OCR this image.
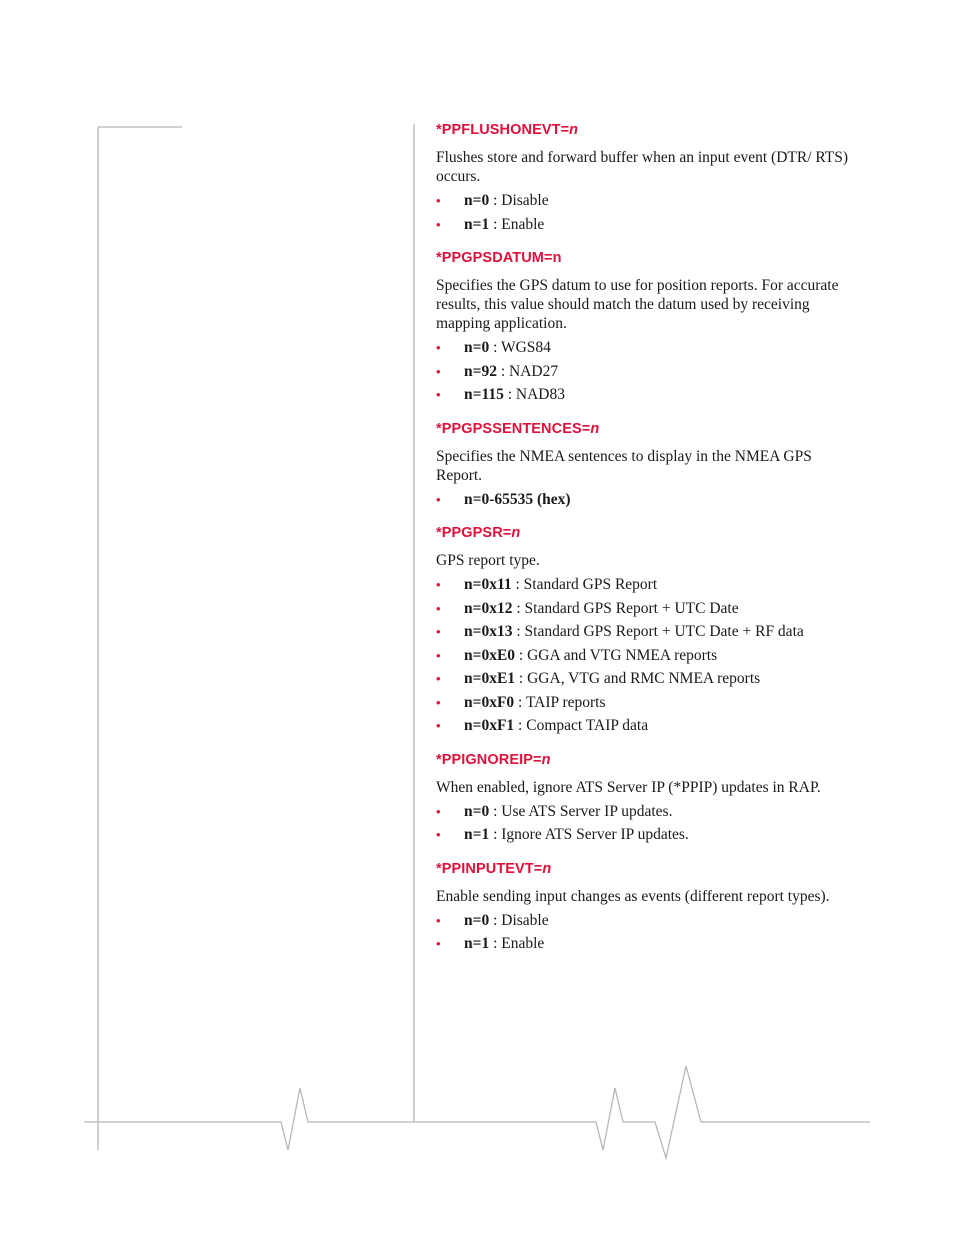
*PPFLUSHONEVT=n

Flushes store and forward buffer when an input event (DTR/ RTS) occurs.

• n=0 : Disable
• n=1 : Enable
*PPGPSDATUM=n

Specifies the GPS datum to use for position reports. For accurate results, this value should match the datum used by receiving mapping application.

• n=0 : WGS84
• n=92 : NAD27
• n=115 : NAD83
*PPGPSSENTENCES=n

Specifies the NMEA sentences to display in the NMEA GPS Report.

• n=0-65535 (hex)
*PPGPSR=n

GPS report type.

• n=0x11 : Standard GPS Report
• n=0x12 : Standard GPS Report + UTC Date
• n=0x13 : Standard GPS Report + UTC Date + RF data
• n=0xE0 : GGA and VTG NMEA reports
• n=0xE1 : GGA, VTG and RMC NMEA reports
• n=0xF0 : TAIP reports
• n=0xF1 : Compact TAIP data
*PPIGNOREIP=n

When enabled, ignore ATS Server IP (*PPIP) updates in RAP.

• n=0 : Use ATS Server IP updates.
• n=1 : Ignore ATS Server IP updates.
*PPINPUTEVT=n

Enable sending input changes as events (different report types).

• n=0 : Disable
• n=1 : Enable
